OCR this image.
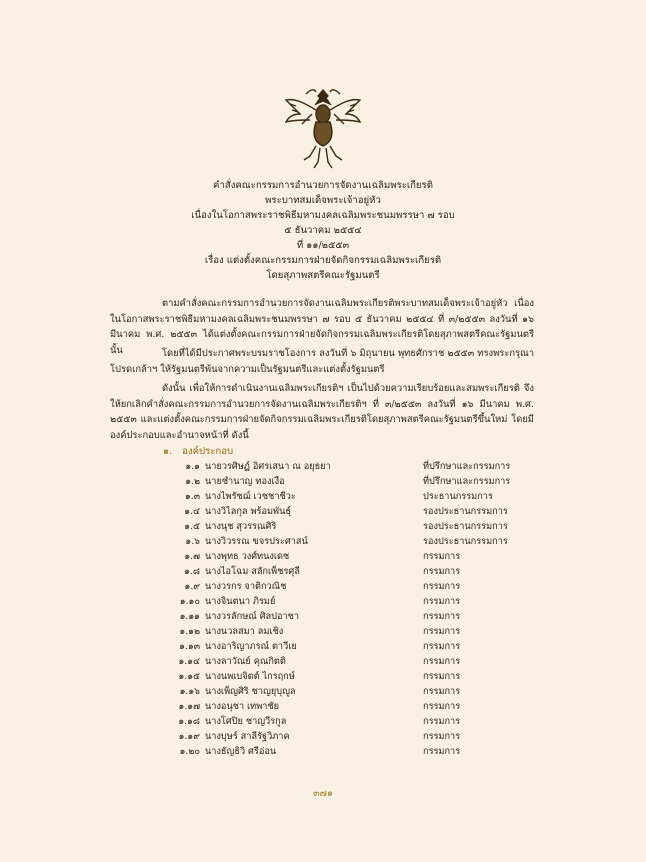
คำสั่งคณะกรรมการอำนวยการจัดงานเฉลิมพระเกียรติ
พระบาทสมเด็จพระเจ้าอยู่หัว
เนื่องในโอกาสพระราชพิธีมหามงคลเฉลิมพระชนมพรรษา ๗ รอบ
๕ ธันวาคม ๒๕๕๔
ที่ ๑๑/๒๕๕๓
เรื่อง แต่งตั้งคณะกรรมการฝ่ายจัดกิจกรรมเฉลิมพระเกียรติ
โดยสุภาพสตรีคณะรัฐมนตรี
ตามคำสั่งคณะกรรมการอำนวยการจัดงานเฉลิมพระเกียรติพระบาทสมเด็จพระเจ้าอยู่หัว เนื่องในโอกาสพระราชพิธีมหามงคลเฉลิมพระชนมพรรษา ๗ รอบ ๕ ธันวาคม ๒๕๕๔ ที่ ๓/๒๕๕๓ ลงวันที่ ๑๖ มีนาคม พ.ศ. ๒๕๕๓ ได้แต่งตั้งคณะกรรมการฝ่ายจัดกิจกรรมเฉลิมพระเกียรติโดยสุภาพสตรีคณะรัฐมนตรี นั้น	โดยที่ได้มีประกาศพระบรมราชโองการ ลงวันที่ ๖ มิถุนายน พุทธศักราช ๒๕๕๓ ทรงพระกรุณาโปรดเกล้าฯ ให้รัฐมนตรีพ้นจากความเป็นรัฐมนตรีและแต่งตั้งรัฐมนตรี
ดังนั้น เพื่อให้การดำเนินงานเฉลิมพระเกียรติฯ เป็นไปด้วยความเรียบร้อยและสมพระเกียรติ จึงให้ยกเลิกคำสั่งคณะกรรมการอำนวยการจัดงานเฉลิมพระเกียรติฯ ที่ ๓/๒๕๕๓ ลงวันที่ ๑๖ มีนาคม พ.ศ. ๒๕๕๓ และแต่งตั้งคณะกรรมการฝ่ายจัดกิจกรรมเฉลิมพระเกียรติโดยสุภาพสตรีคณะรัฐมนตรีขึ้นใหม่ โดยมีองค์ประกอบและอำนาจหน้าที่ ดังนี้
๑. องค์ประกอบ
๑.๑ นายวรศิษฏ์ อิศรเสนา ณ อยุธยา	ที่ปรึกษาและกรรมการ
๑.๒ นายชำนาญ ทองเงือ	ที่ปรึกษาและกรรมการ
๑.๓ นางไพรัชฌ์ เวชชาชีวะ	ประธานกรรมการ
๑.๔ นางวิไลกุล พร้อมพันธุ์	รองประธานกรรมการ
๑.๕ นางนุช สุวรรณศิริ	รองประธานกรรมการ
๑.๖ นางวิวรรณ ขจรประศาสน์	รองประธานกรรมการ
๑.๗ นางพุทธ วงศ์ทนงเดช	กรรมการ
๑.๘ นางไอโฉม สลักเพ็ชรศุลี	กรรมการ
๑.๙ นางวรกร จาติกวณิช	กรรมการ
๑.๑๐ นางจินตนา ภิรมย์	กรรมการ
๑.๑๑ นางวรลักษณ์ ศิลปอาชา	กรรมการ
๑.๑๒ นางนวลสมา ลมเชิง	กรรมการ
๑.๑๓ นางอาริญาภรณ์ ตาวีเย	กรรมการ
๑.๑๔ นางลาวัณย์ คุณกิตติ	กรรมการ
๑.๑๕ นางนพเบจิตต์ ไกรฤกษ์	กรรมการ
๑.๑๖ นางเพ็ญศิริ ชาญยุบุญูล	กรรมการ
๑.๑๗ นางอนุชา เทพาชัย	กรรมการ
๑.๑๘ นางโศปิย ชาญวีรกูล	กรรมการ
๑.๑๙ นางบุษร์ สาลีรัฐวิภาค	กรรมการ
๑.๒๐ นางธัญธิวิ ศรีอ่อน	กรรมการ
๓๗๑
